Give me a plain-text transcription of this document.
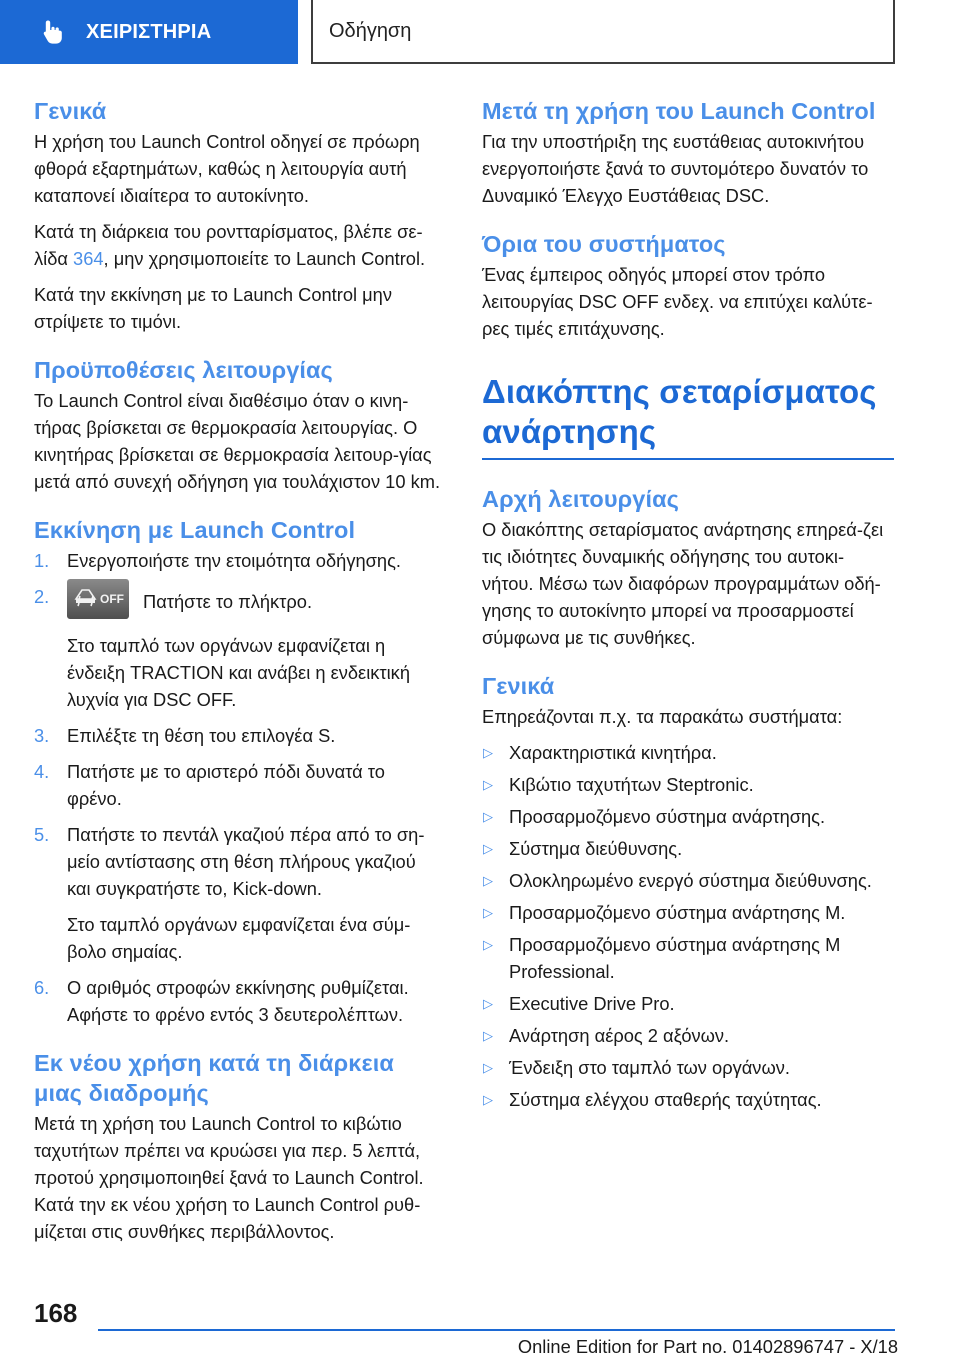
ΧΕΙΡΙΣΤΗΡΙΑ	Οδήγηση
Γενικά

Η χρήση του Launch Control οδηγεί σε πρόωρη φθορά εξαρτημάτων, καθώς η λειτουργία αυτή καταπονεί ιδιαίτερα το αυτοκίνητο.

Κατά τη διάρκεια του ροντταρίσματος, βλέπε σε-λίδα 364, μην χρησιμοποιείτε το Launch Control.

Κατά την εκκίνηση με το Launch Control μην στρίψετε το τιμόνι.

Προϋποθέσεις λειτουργίας

Το Launch Control είναι διαθέσιμο όταν ο κινη-τήρας βρίσκεται σε θερμοκρασία λειτουργίας. Ο κινητήρας βρίσκεται σε θερμοκρασία λειτουρ-γίας μετά από συνεχή οδήγηση για τουλάχιστον 10 km.

Εκκίνηση με Launch Control
1. Ενεργοποιήστε την ετοιμότητα οδήγησης.

2.	OFF Πατήστε το πλήκτρο.

Στο ταμπλό των οργάνων εμφανίζεται η ένδειξη TRACTION και ανάβει η ενδεικτική λυχνία για DSC OFF.

3. Επιλέξτε τη θέση του επιλογέα S.

4. Πατήστε με το αριστερό πόδι δυνατά το φρένο.

5. Πατήστε το πεντάλ γκαζιού πέρα από το ση-μείο αντίστασης στη θέση πλήρους γκαζιού και συγκρατήστε το, Kick-down.

Στο ταμπλό οργάνων εμφανίζεται ένα σύμ-βολο σημαίας.

6. Ο αριθμός στροφών εκκίνησης ρυθμίζεται. Αφήστε το φρένο εντός 3 δευτερολέπτων.

Εκ νέου χρήση κατά τη διάρκεια μιας διαδρομής

Μετά τη χρήση του Launch Control το κιβώτιο ταχυτήτων πρέπει να κρυώσει για περ. 5 λεπτά, προτού χρησιμοποιηθεί ξανά το Launch Control. Κατά την εκ νέου χρήση το Launch Control ρυθ-μίζεται στις συνθήκες περιβάλλοντος.

Μετά τη χρήση του Launch Control

Για την υποστήριξη της ευστάθειας αυτοκινήτου ενεργοποιήστε ξανά το συντομότερο δυνατόν το Δυναμικό Έλεγχο Ευστάθειας DSC.

Όρια του συστήματος

Ένας έμπειρος οδηγός μπορεί στον τρόπο λειτουργίας DSC OFF ενδεχ. να επιτύχει καλύτε-ρες τιμές επιτάχυνσης.

Διακόπτης σεταρίσματος ανάρτησης
Αρχή λειτουργίας

Ο διακόπτης σεταρίσματος ανάρτησης επηρεά-ζει τις ιδιότητες δυναμικής οδήγησης του αυτοκι-νήτου. Μέσω των διαφόρων προγραμμάτων οδή-γησης το αυτοκίνητο μπορεί να προσαρμοστεί σύμφωνα με τις συνθήκες.

Γενικά

Επηρεάζονται π.χ. τα παρακάτω συστήματα:

▷ Χαρακτηριστικά κινητήρα.
▷ Κιβώτιο ταχυτήτων Steptronic.
▷ Προσαρμοζόμενο σύστημα ανάρτησης.
▷ Σύστημα διεύθυνσης.
▷ Ολοκληρωμένο ενεργό σύστημα διεύθυνσης.
▷ Προσαρμοζόμενο σύστημα ανάρτησης M.
▷ Προσαρμοζόμενο σύστημα ανάρτησης M Professional.
▷ Executive Drive Pro.
▷ Ανάρτηση αέρος 2 αξόνων.
▷ Ένδειξη στο ταμπλό των οργάνων.
▷ Σύστημα ελέγχου σταθερής ταχύτητας.
168
Online Edition for Part no. 01402896747 - X/18
